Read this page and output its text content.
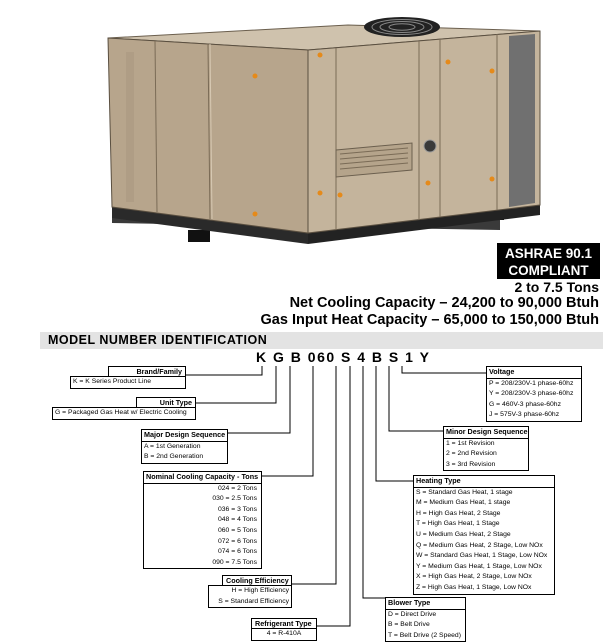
ASHRAE 90.1
COMPLIANT
2 to 7.5 Tons
Net Cooling Capacity – 24,200 to 90,000 Btuh
Gas Input Heat Capacity – 65,000 to 150,000 Btuh
MODEL NUMBER IDENTIFICATION
K G B 060 S 4 B S 1 Y
Brand/Family
K = K Series Product Line
Unit Type
G = Packaged Gas Heat w/ Electric Cooling
Major Design Sequence
A = 1st Generation
B = 2nd Generation
Nominal Cooling Capacity - Tons
024 = 2 Tons
030 = 2.5 Tons
036 = 3 Tons
048 = 4 Tons
060 = 5 Tons
072 = 6 Tons
074 = 6 Tons
090 = 7.5 Tons
Cooling Efficiency
H = High Efficiency
S = Standard Efficiency
Refrigerant Type
4 = R-410A
Voltage
P = 208/230V-1 phase-60hz
Y = 208/230V-3 phase-60hz
G = 460V-3 phase-60hz
J = 575V-3 phase-60hz
Minor Design Sequence
1 = 1st Revision
2 = 2nd Revision
3 = 3rd Revision
Heating Type
S = Standard Gas Heat, 1 stage
M = Medium Gas Heat, 1 stage
H = High Gas Heat, 2 Stage
T = High Gas Heat, 1 Stage
U = Medium Gas Heat, 2 Stage
Q = Medium Gas Heat, 2 Stage, Low NOx
W = Standard Gas Heat, 1 Stage, Low NOx
Y = Medium Gas Heat, 1 Stage, Low NOx
X = High Gas Heat, 2 Stage, Low NOx
Z = High Gas Heat, 1 Stage, Low NOx
Blower Type
D = Direct Drive
B = Belt Drive
T = Belt Drive (2 Speed)
